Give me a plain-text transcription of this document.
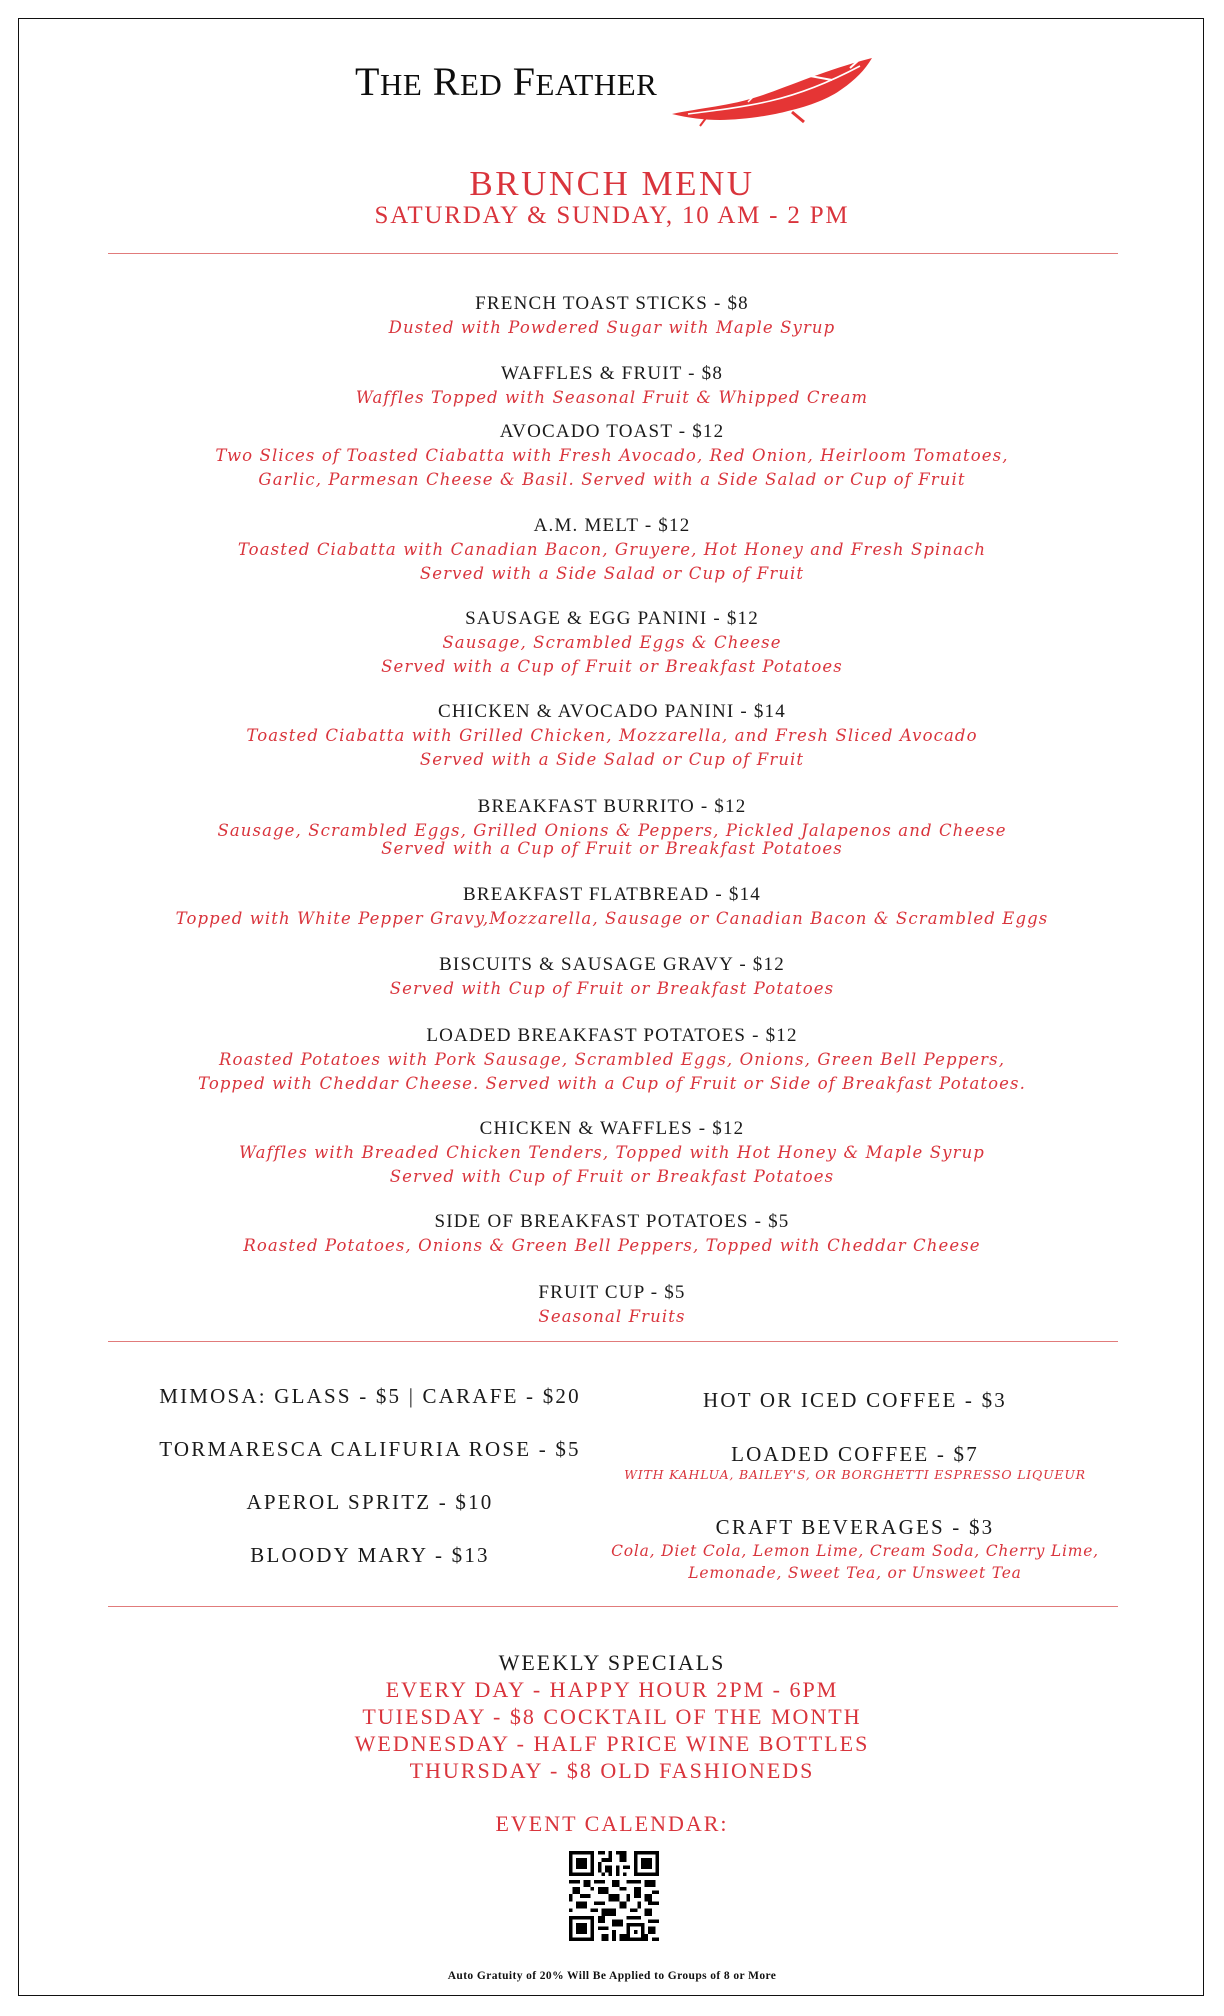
THE RED FEATHER
BRUNCH MENU
SATURDAY & SUNDAY, 10 AM - 2 PM
FRENCH TOAST STICKS - $8
Dusted with Powdered Sugar with Maple Syrup
WAFFLES & FRUIT - $8
Waffles Topped with Seasonal Fruit & Whipped Cream
AVOCADO TOAST - $12
Two Slices of Toasted Ciabatta with Fresh Avocado, Red Onion, Heirloom Tomatoes,
Garlic, Parmesan Cheese & Basil. Served with a Side Salad or Cup of Fruit
A.M. MELT - $12
Toasted Ciabatta with Canadian Bacon, Gruyere, Hot Honey and Fresh Spinach
Served with a Side Salad or Cup of Fruit
SAUSAGE & EGG PANINI - $12
Sausage, Scrambled Eggs & Cheese
Served with a Cup of Fruit or Breakfast Potatoes
CHICKEN & AVOCADO PANINI - $14
Toasted Ciabatta with Grilled Chicken, Mozzarella, and Fresh Sliced Avocado
Served with a Side Salad or Cup of Fruit
BREAKFAST BURRITO - $12
Sausage, Scrambled Eggs, Grilled Onions & Peppers, Pickled Jalapenos and Cheese
Served with a Cup of Fruit or Breakfast Potatoes
BREAKFAST FLATBREAD - $14
Topped with White Pepper Gravy,Mozzarella, Sausage or Canadian Bacon & Scrambled Eggs
BISCUITS & SAUSAGE GRAVY - $12
Served with Cup of Fruit or Breakfast Potatoes
LOADED BREAKFAST POTATOES - $12
Roasted Potatoes with Pork Sausage, Scrambled Eggs, Onions, Green Bell Peppers,
Topped with Cheddar Cheese. Served with a Cup of Fruit or Side of Breakfast Potatoes.
CHICKEN & WAFFLES - $12
Waffles with Breaded Chicken Tenders, Topped with Hot Honey & Maple Syrup
Served with Cup of Fruit or Breakfast Potatoes
SIDE OF BREAKFAST POTATOES - $5
Roasted Potatoes, Onions & Green Bell Peppers, Topped with Cheddar Cheese
FRUIT CUP - $5
Seasonal Fruits
MIMOSA: GLASS - $5 | CARAFE - $20
TORMARESCA CALIFURIA ROSE - $5
APEROL SPRITZ - $10
BLOODY MARY - $13
HOT OR ICED COFFEE - $3
LOADED COFFEE - $7
WITH KAHLUA, BAILEY'S, OR BORGHETTI ESPRESSO LIQUEUR
CRAFT BEVERAGES - $3
Cola, Diet Cola, Lemon Lime, Cream Soda, Cherry Lime,
Lemonade, Sweet Tea, or Unsweet Tea
WEEKLY SPECIALS
EVERY DAY - HAPPY HOUR 2PM - 6PM
TUIESDAY - $8 COCKTAIL OF THE MONTH
WEDNESDAY - HALF PRICE WINE BOTTLES
THURSDAY - $8 OLD FASHIONEDS
EVENT CALENDAR:
Auto Gratuity of 20% Will Be Applied to Groups of 8 or More
